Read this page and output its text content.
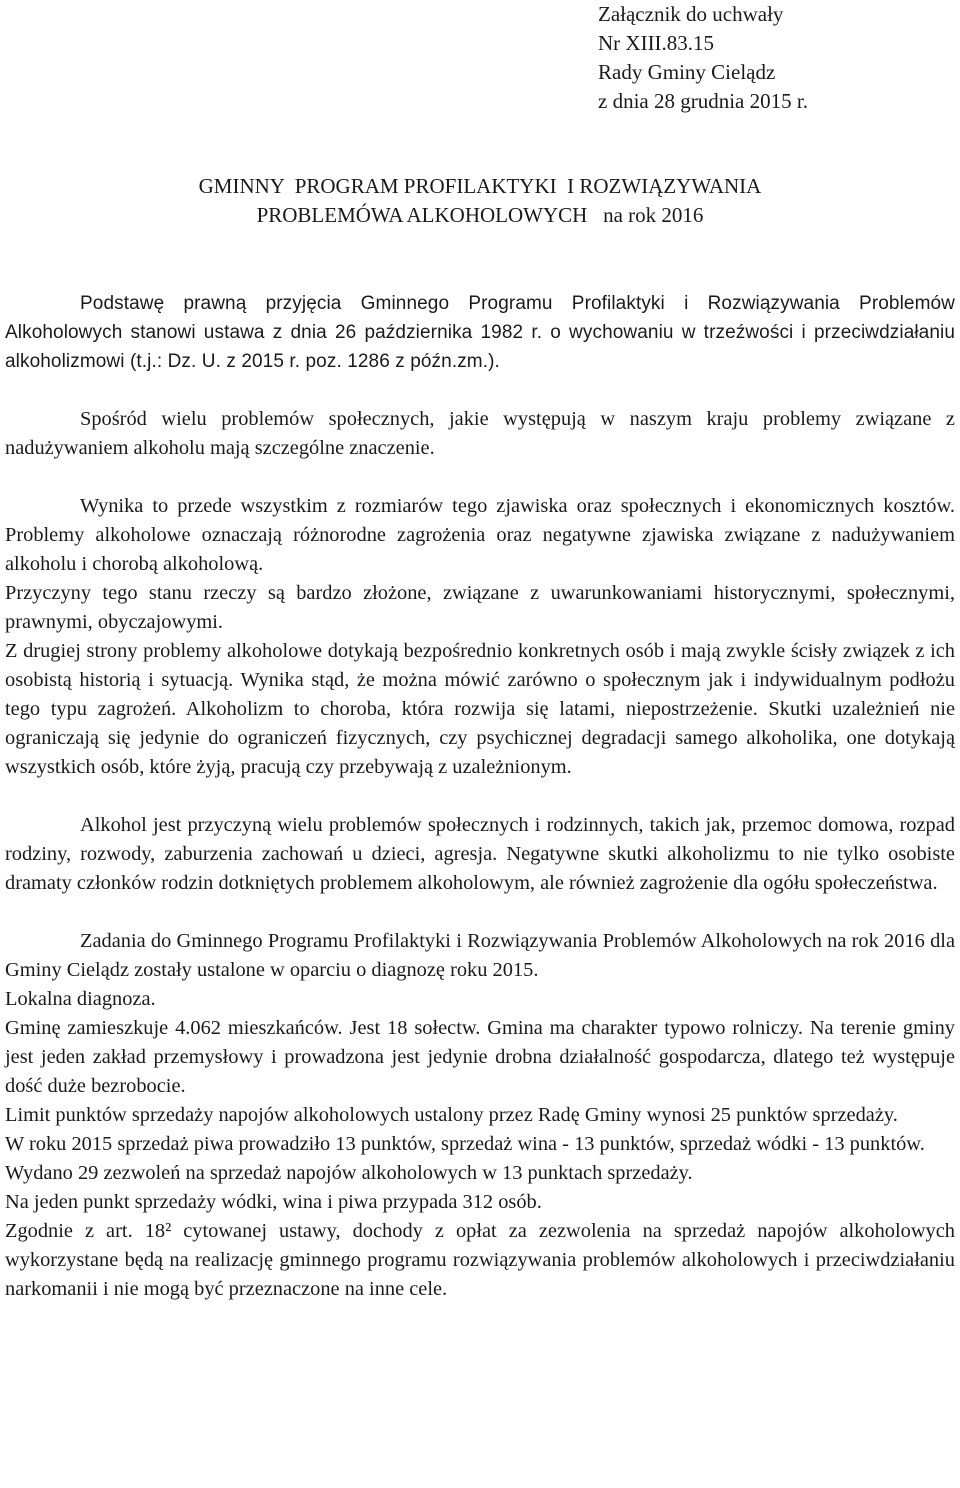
Załącznik do uchwały
Nr XIII.83.15
Rady Gminy Cielądz
z dnia 28 grudnia 2015 r.
GMINNY  PROGRAM PROFILAKTYKI  I ROZWIĄZYWANIA
PROBLEMÓWA ALKOHOLOWYCH   na rok 2016

Podstawę prawną przyjęcia Gminnego Programu Profilaktyki i Rozwiązywania Problemów Alkoholowych stanowi ustawa z dnia 26 października 1982 r. o wychowaniu w trzeźwości i przeciwdziałaniu alkoholizmowi (t.j.: Dz. U. z 2015 r. poz. 1286 z późn.zm.).

Spośród wielu problemów społecznych, jakie występują w naszym kraju problemy związane z nadużywaniem alkoholu mają szczególne znaczenie.

Wynika to przede wszystkim z rozmiarów tego zjawiska oraz społecznych i ekonomicznych kosztów. Problemy alkoholowe oznaczają różnorodne zagrożenia oraz negatywne zjawiska związane z nadużywaniem alkoholu i chorobą alkoholową.

Przyczyny tego stanu rzeczy są bardzo złożone, związane z uwarunkowaniami historycznymi, społecznymi, prawnymi, obyczajowymi.

Z drugiej strony problemy alkoholowe dotykają bezpośrednio konkretnych osób i mają zwykle ścisły związek z ich osobistą historią i sytuacją. Wynika stąd, że można mówić zarówno o społecznym jak i indywidualnym podłożu tego typu zagrożeń. Alkoholizm to choroba, która rozwija się latami, niepostrzeżenie. Skutki uzależnień nie ograniczają się jedynie do ograniczeń fizycznych, czy psychicznej degradacji samego alkoholika, one dotykają wszystkich osób, które żyją, pracują czy przebywają z uzależnionym.

Alkohol jest przyczyną wielu problemów społecznych i rodzinnych, takich jak, przemoc domowa, rozpad rodziny, rozwody, zaburzenia zachowań u dzieci, agresja. Negatywne skutki alkoholizmu to nie tylko osobiste dramaty członków rodzin dotkniętych problemem alkoholowym, ale również zagrożenie dla ogółu społeczeństwa.

Zadania do Gminnego Programu Profilaktyki i Rozwiązywania Problemów Alkoholowych na rok 2016 dla Gminy Cielądz zostały ustalone w oparciu o diagnozę roku 2015.

Lokalna diagnoza.

Gminę zamieszkuje 4.062 mieszkańców. Jest 18 sołectw. Gmina ma charakter typowo rolniczy. Na terenie gminy jest jeden zakład przemysłowy i prowadzona jest jedynie drobna działalność gospodarcza, dlatego też występuje dość duże bezrobocie.

Limit punktów sprzedaży napojów alkoholowych ustalony przez Radę Gminy wynosi 25 punktów sprzedaży.

W roku 2015 sprzedaż piwa prowadziło 13 punktów, sprzedaż wina - 13 punktów, sprzedaż wódki - 13 punktów.

Wydano 29 zezwoleń na sprzedaż napojów alkoholowych w 13 punktach sprzedaży.

Na jeden punkt sprzedaży wódki, wina i piwa przypada 312 osób.

Zgodnie z art. 18² cytowanej ustawy, dochody z opłat za zezwolenia na sprzedaż napojów alkoholowych wykorzystane będą na realizację gminnego programu rozwiązywania problemów alkoholowych i przeciwdziałaniu narkomanii i nie mogą być przeznaczone na inne cele.
